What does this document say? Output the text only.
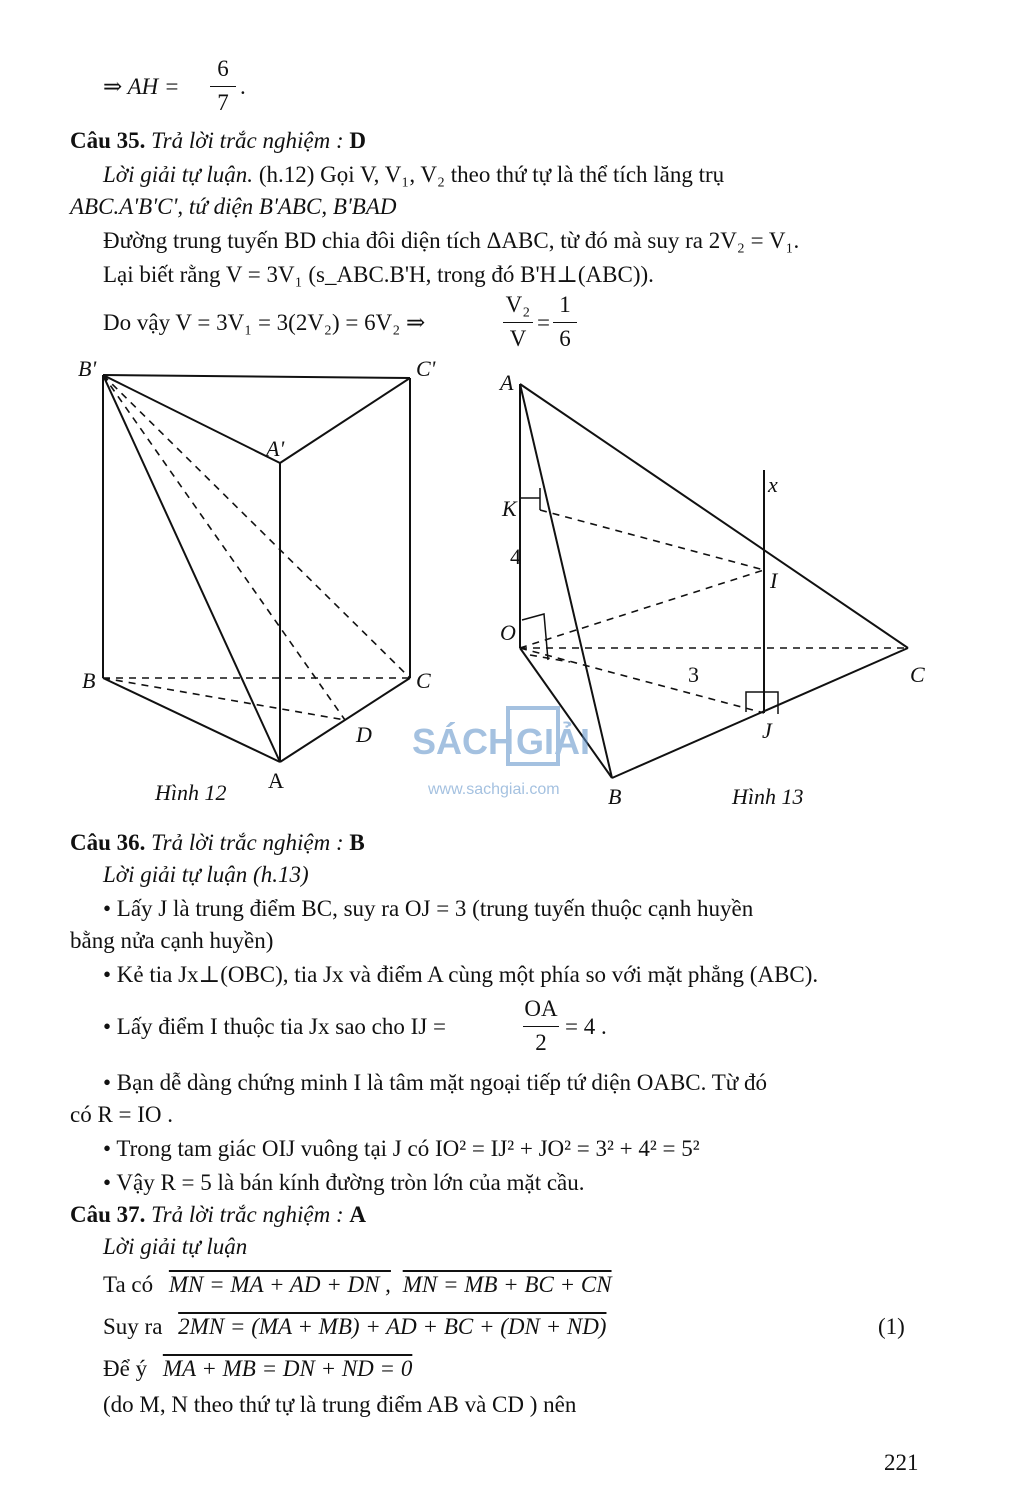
⇒ AH =
6
7
.
Câu 35. Trả lời trắc nghiệm : D
Lời giải tự luận. (h.12) Gọi V, V₁, V₂ theo thứ tự là thể tích lăng trụ
ABC.A'B'C', tứ diện B'ABC, B'BAD
Đường trung tuyến BD chia đôi diện tích ΔABC, từ đó mà suy ra 2V₂ = V₁.
Lại biết rằng V = 3V₁ (s_ABC.B'H, trong đó B'H⊥(ABC)).
Do vậy V = 3V₁ = 3(2V₂) = 6V₂ ⇒
V₂
V
=
1
6
B'	C'
A'
B	C
D
A
Hình 12
A
x
K
4
I
O
3	C
J
B	Hình 13
SÁCH G IẢI
www.sachgiai.com
Câu 36. Trả lời trắc nghiệm : B
Lời giải tự luận (h.13)
• Lấy J là trung điểm BC, suy ra OJ = 3 (trung tuyến thuộc cạnh huyền
bằng nửa cạnh huyền)
• Kẻ tia Jx⊥(OBC), tia Jx và điểm A cùng một phía so với mặt phẳng (ABC).
• Lấy điểm I thuộc tia Jx sao cho IJ =
OA
2
= 4 .
• Bạn dễ dàng chứng minh I là tâm mặt ngoại tiếp tứ diện OABC. Từ đó
có R = IO .
• Trong tam giác OIJ vuông tại J có IO² = IJ² + JO² = 3² + 4² = 5²
• Vậy R = 5 là bán kính đường tròn lớn của mặt cầu.
Câu 37. Trả lời trắc nghiệm : A
Lời giải tự luận
Ta có MN = MA + AD + DN , MN = MB + BC + CN
Suy ra 2MN = (MA + MB) + AD + BC + (DN + ND)	(1)
Để ý MA + MB = DN + ND = 0
(do M, N theo thứ tự là trung điểm AB và CD ) nên
221
